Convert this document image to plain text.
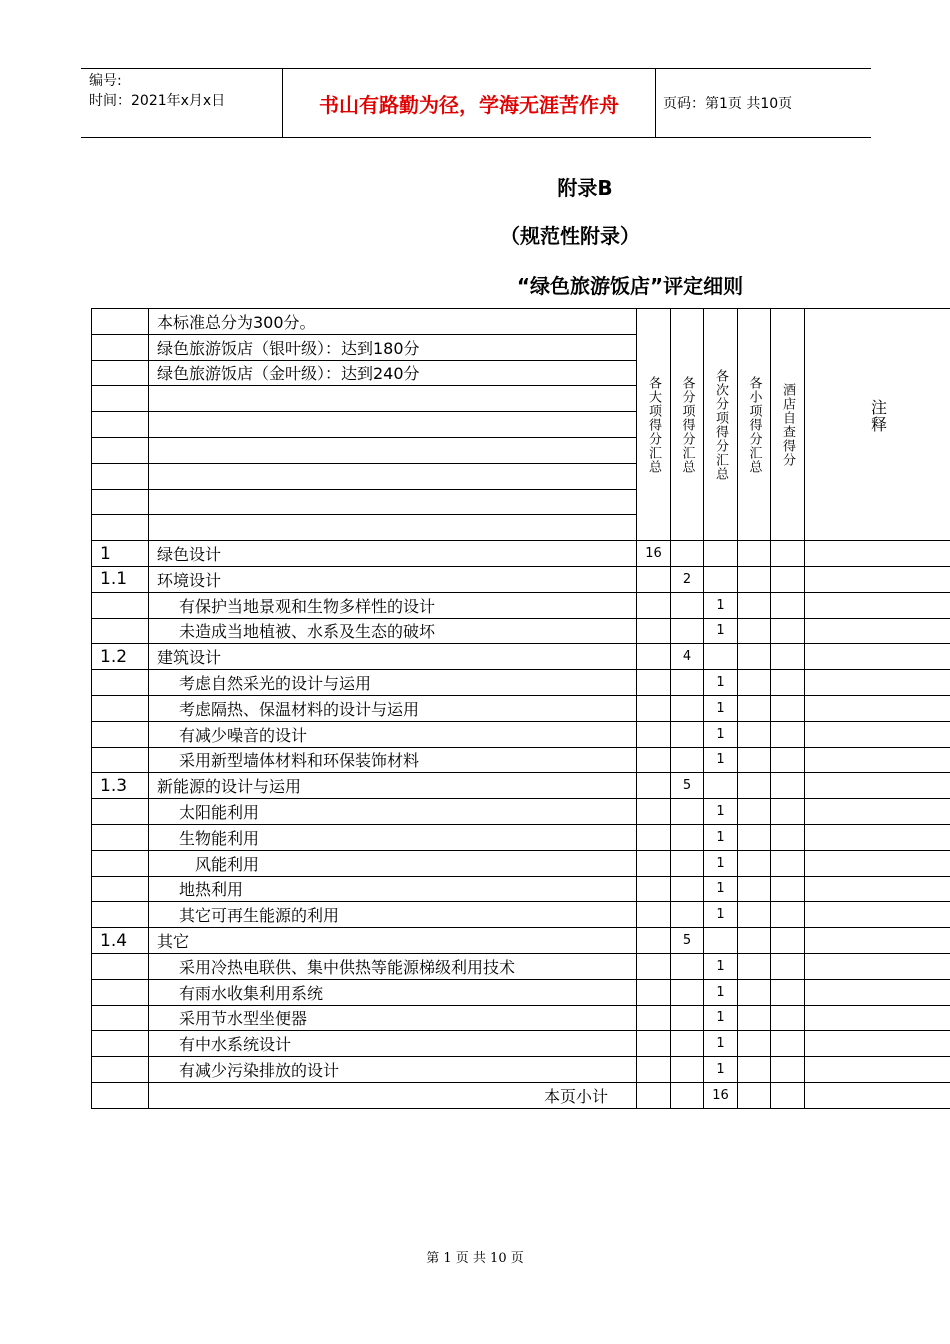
编号:
时间：2021年x月x日	书山有路勤为径，学海无涯苦作舟	页码：第1页 共10页
附录B
（规范性附录）
“绿色旅游饭店”评定细则
	本标准总分为300分。	各大项得分汇总	各分项得分汇总	各次分项得分汇总	各小项得分汇总	酒店自查得分	注释

	绿色旅游饭店（银叶级）：达到180分						
	绿色旅游饭店（金叶级）：达到240分						

1	绿色设计	16					
1.1	环境设计		2				
	有保护当地景观和生物多样性的设计			1			
	未造成当地植被、水系及生态的破坏			1			
1.2	建筑设计		4				
	考虑自然采光的设计与运用			1			
	考虑隔热、保温材料的设计与运用			1			
	有减少噪音的设计			1			
	采用新型墙体材料和环保装饰材料			1			
1.3	新能源的设计与运用		5				
	太阳能利用			1			
	生物能利用			1			
	风能利用			1			
	地热利用			1			
	其它可再生能源的利用			1			
1.4	其它		5				
	采用冷热电联供、集中供热等能源梯级利用技术			1			
	有雨水收集利用系统			1			
	采用节水型坐便器			1			
	有中水系统设计			1			
	有减少污染排放的设计			1			
	本页小计			16			
第 1 页 共 10 页
